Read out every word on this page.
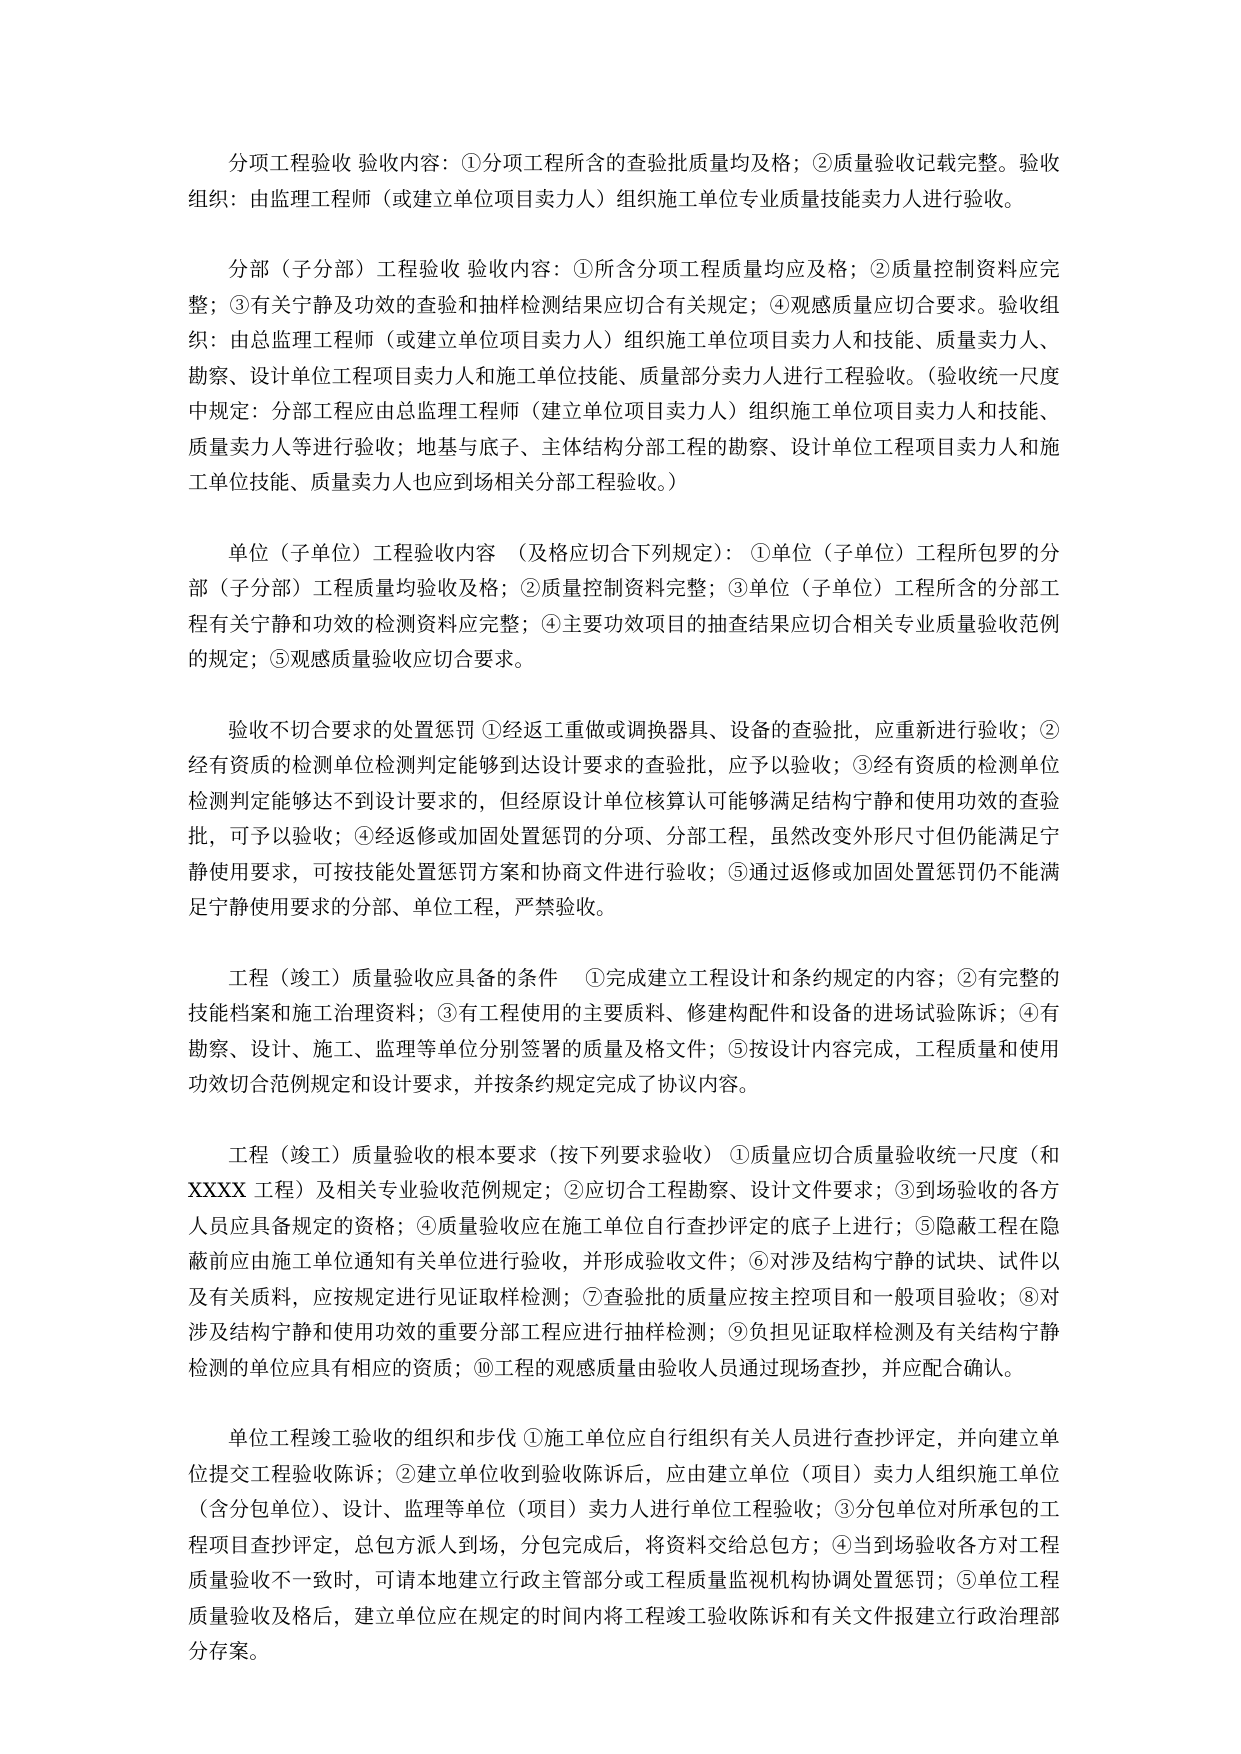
分项工程验收 验收内容：①分项工程所含的查验批质量均及格；②质量验收记载完整。验收组织：由监理工程师（或建立单位项目卖力人）组织施工单位专业质量技能卖力人进行验收。

分部（子分部）工程验收 验收内容：①所含分项工程质量均应及格；②质量控制资料应完整；③有关宁静及功效的查验和抽样检测结果应切合有关规定；④观感质量应切合要求。验收组织：由总监理工程师（或建立单位项目卖力人）组织施工单位项目卖力人和技能、质量卖力人、勘察、设计单位工程项目卖力人和施工单位技能、质量部分卖力人进行工程验收。（验收统一尺度中规定：分部工程应由总监理工程师（建立单位项目卖力人）组织施工单位项目卖力人和技能、质量卖力人等进行验收；地基与底子、主体结构分部工程的勘察、设计单位工程项目卖力人和施工单位技能、质量卖力人也应到场相关分部工程验收。）

单位（子单位）工程验收内容　（及格应切合下列规定）： ①单位（子单位）工程所包罗的分部（子分部）工程质量均验收及格；②质量控制资料完整；③单位（子单位）工程所含的分部工程有关宁静和功效的检测资料应完整；④主要功效项目的抽查结果应切合相关专业质量验收范例的规定；⑤观感质量验收应切合要求。

验收不切合要求的处置惩罚 ①经返工重做或调换器具、设备的查验批，应重新进行验收；②经有资质的检测单位检测判定能够到达设计要求的查验批，应予以验收；③经有资质的检测单位检测判定能够达不到设计要求的，但经原设计单位核算认可能够满足结构宁静和使用功效的查验批，可予以验收；④经返修或加固处置惩罚的分项、分部工程，虽然改变外形尺寸但仍能满足宁静使用要求，可按技能处置惩罚方案和协商文件进行验收；⑤通过返修或加固处置惩罚仍不能满足宁静使用要求的分部、单位工程，严禁验收。

工程（竣工）质量验收应具备的条件　①完成建立工程设计和条约规定的内容；②有完整的技能档案和施工治理资料；③有工程使用的主要质料、修建构配件和设备的进场试验陈诉；④有勘察、设计、施工、监理等单位分别签署的质量及格文件；⑤按设计内容完成，工程质量和使用功效切合范例规定和设计要求，并按条约规定完成了协议内容。

工程（竣工）质量验收的根本要求（按下列要求验收） ①质量应切合质量验收统一尺度（和 XXXX 工程）及相关专业验收范例规定；②应切合工程勘察、设计文件要求；③到场验收的各方人员应具备规定的资格；④质量验收应在施工单位自行查抄评定的底子上进行；⑤隐蔽工程在隐蔽前应由施工单位通知有关单位进行验收，并形成验收文件；⑥对涉及结构宁静的试块、试件以及有关质料，应按规定进行见证取样检测；⑦查验批的质量应按主控项目和一般项目验收；⑧对涉及结构宁静和使用功效的重要分部工程应进行抽样检测；⑨负担见证取样检测及有关结构宁静检测的单位应具有相应的资质；⑩工程的观感质量由验收人员通过现场查抄，并应配合确认。

单位工程竣工验收的组织和步伐 ①施工单位应自行组织有关人员进行查抄评定，并向建立单位提交工程验收陈诉；②建立单位收到验收陈诉后，应由建立单位（项目）卖力人组织施工单位（含分包单位）、设计、监理等单位（项目）卖力人进行单位工程验收；③分包单位对所承包的工程项目查抄评定，总包方派人到场，分包完成后，将资料交给总包方；④当到场验收各方对工程质量验收不一致时，可请本地建立行政主管部分或工程质量监视机构协调处置惩罚；⑤单位工程质量验收及格后，建立单位应在规定的时间内将工程竣工验收陈诉和有关文件报建立行政治理部分存案。
